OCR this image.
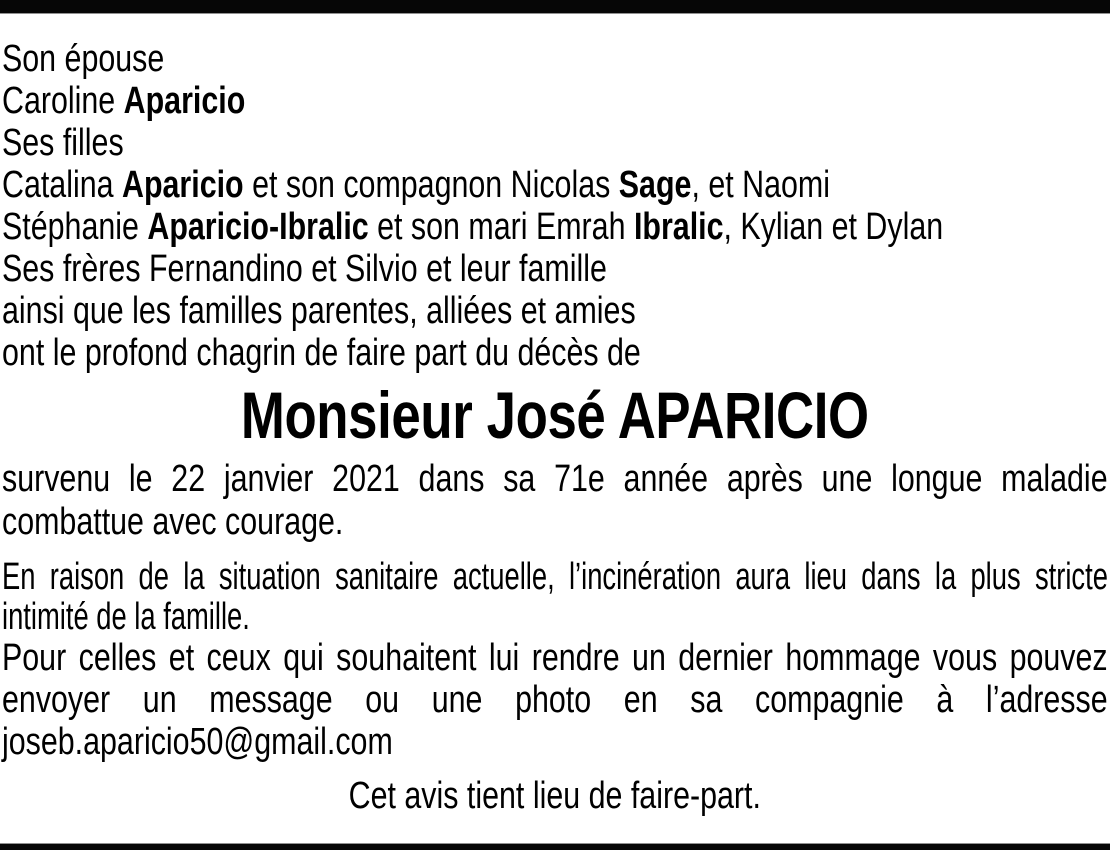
Son épouse
Caroline Aparicio
Ses filles
Catalina Aparicio et son compagnon Nicolas Sage, et Naomi
Stéphanie Aparicio-Ibralic et son mari Emrah Ibralic, Kylian et Dylan
Ses frères Fernandino et Silvio et leur famille
ainsi que les familles parentes, alliées et amies
ont le profond chagrin de faire part du décès de
Monsieur José APARICIO

survenu le 22 janvier 2021 dans sa 71e année après une longue maladie combattue avec courage.

En raison de la situation sanitaire actuelle, l’incinération aura lieu dans la plus stricte intimité de la famille.

Pour celles et ceux qui souhaitent lui rendre un dernier hommage vous pouvez envoyer un message ou une photo en sa compagnie à l’adresse joseb.aparicio50@gmail.com

Cet avis tient lieu de faire-part.
